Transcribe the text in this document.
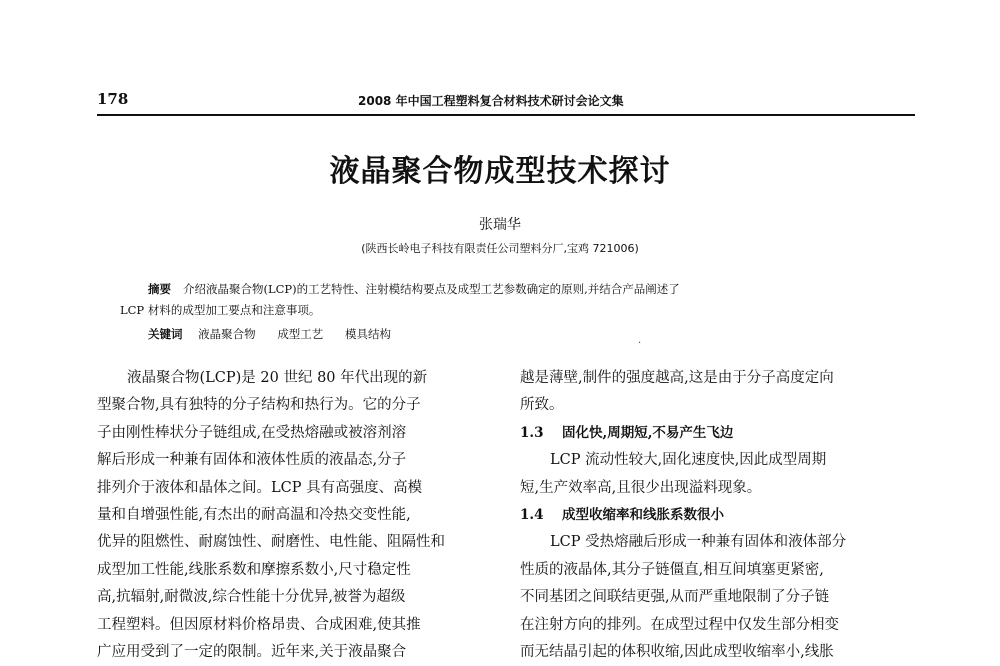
178	2008 年中国工程塑料复合材料技术研讨会论文集
液晶聚合物成型技术探讨
张瑞华
(陕西长岭电子科技有限责任公司塑料分厂,宝鸡 721006)
摘要 介绍液晶聚合物(LCP)的工艺特性、注射模结构要点及成型工艺参数确定的原则,并结合产品阐述了
LCP 材料的成型加工要点和注意事项。
关键词 液晶聚合物 成型工艺 模具结构
·

液晶聚合物(LCP)是 20 世纪 80 年代出现的新

型聚合物,具有独特的分子结构和热行为。它的分子

子由刚性棒状分子链组成,在受热熔融或被溶剂溶

解后形成一种兼有固体和液体性质的液晶态,分子

排列介于液体和晶体之间。LCP 具有高强度、高模

量和自增强性能,有杰出的耐高温和冷热交变性能,

优异的阻燃性、耐腐蚀性、耐磨性、电性能、阻隔性和

成型加工性能,线胀系数和摩擦系数小,尺寸稳定性

高,抗辐射,耐微波,综合性能十分优异,被誉为超级

工程塑料。但因原材料价格昂贵、合成困难,使其推

广应用受到了一定的限制。近年来,关于液晶聚合

越是薄壁,制件的强度越高,这是由于分子高度定向

所致。

1.3 固化快,周期短,不易产生飞边

LCP 流动性较大,固化速度快,因此成型周期

短,生产效率高,且很少出现溢料现象。

1.4 成型收缩率和线胀系数很小

LCP 受热熔融后形成一种兼有固体和液体部分

性质的液晶体,其分子链僵直,相互间填塞更紧密,

不同基团之间联结更强,从而严重地限制了分子链

在注射方向的排列。在成型过程中仅发生部分相变

而无结晶引起的体积收缩,因此成型收缩率小,线胀
